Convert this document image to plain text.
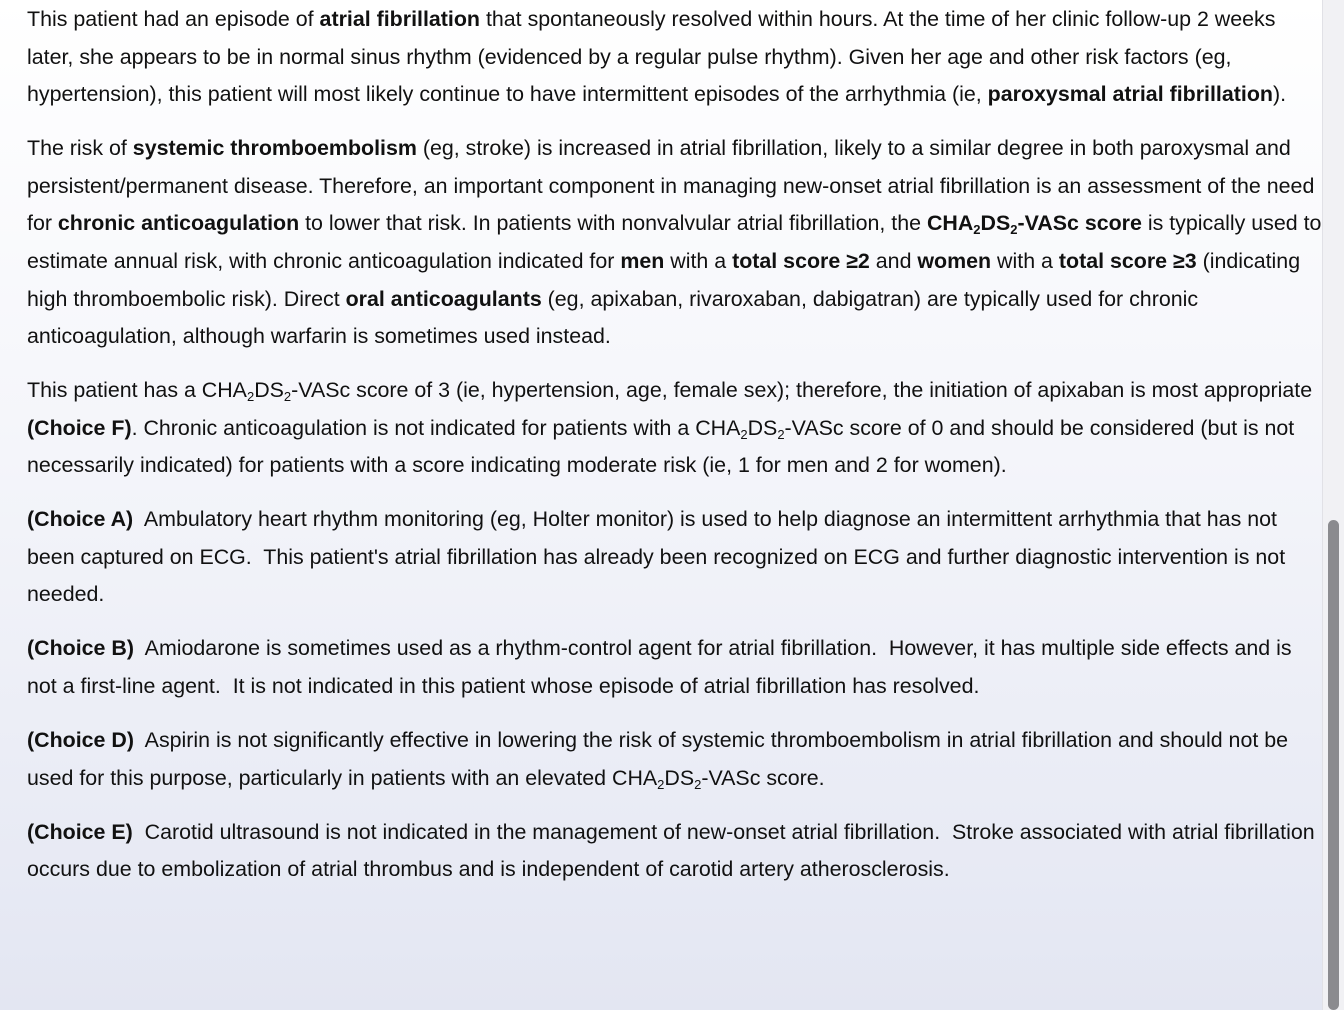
This patient had an episode of atrial fibrillation that spontaneously resolved within hours. At the time of her clinic follow-up 2 weeks later, she appears to be in normal sinus rhythm (evidenced by a regular pulse rhythm). Given her age and other risk factors (eg, hypertension), this patient will most likely continue to have intermittent episodes of the arrhythmia (ie, paroxysmal atrial fibrillation).

The risk of systemic thromboembolism (eg, stroke) is increased in atrial fibrillation, likely to a similar degree in both paroxysmal and persistent/permanent disease. Therefore, an important component in managing new-onset atrial fibrillation is an assessment of the need for chronic anticoagulation to lower that risk. In patients with nonvalvular atrial fibrillation, the $CHA_2DS_2$-VASc score is typically used to estimate annual risk, with chronic anticoagulation indicated for men with a total score ≥2 and women with a total score ≥3 (indicating high thromboembolic risk). Direct oral anticoagulants (eg, apixaban, rivaroxaban, dabigatran) are typically used for chronic anticoagulation, although warfarin is sometimes used instead.

This patient has a $CHA_2DS_2$-VASc score of 3 (ie, hypertension, age, female sex); therefore, the initiation of apixaban is most appropriate (Choice F). Chronic anticoagulation is not indicated for patients with a $CHA_2DS_2$-VASc score of 0 and should be considered (but is not necessarily indicated) for patients with a score indicating moderate risk (ie, 1 for men and 2 for women).

(Choice A)  Ambulatory heart rhythm monitoring (eg, Holter monitor) is used to help diagnose an intermittent arrhythmia that has not been captured on ECG.  This patient's atrial fibrillation has already been recognized on ECG and further diagnostic intervention is not needed.

(Choice B)  Amiodarone is sometimes used as a rhythm-control agent for atrial fibrillation.  However, it has multiple side effects and is not a first-line agent.  It is not indicated in this patient whose episode of atrial fibrillation has resolved.

(Choice D)  Aspirin is not significantly effective in lowering the risk of systemic thromboembolism in atrial fibrillation and should not be used for this purpose, particularly in patients with an elevated $CHA_2DS_2$-VASc score.

(Choice E)  Carotid ultrasound is not indicated in the management of new-onset atrial fibrillation.  Stroke associated with atrial fibrillation occurs due to embolization of atrial thrombus and is independent of carotid artery atherosclerosis.
